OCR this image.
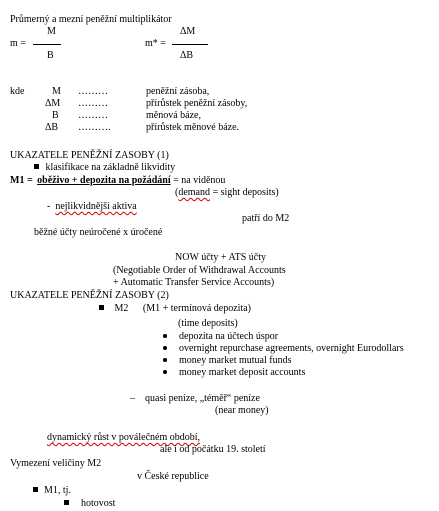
Průmerný a mezní peněžní multiplikátor
M
m =
B
ΔM
m* =
ΔB
kde	M ………	peněžní zásoba,
ΔM ………	přírůstek peněžní zásoby,
B ………	měnová báze,
ΔB ……….	přírůstek měnové báze.
UKAZATELE PENĚŽNÍ ZASOBY (1)
klasifikace na základně likvidity
M1 = oběživo + depozita na požádání = na viděnou
(demand = sight deposits)
-  nejlikvidnější aktiva
patří do M2
běžné účty neúročené x úročené
NOW účty + ATS účty
(Negotiable Order of Withdrawal Accounts
+ Automatic Transfer Service Accounts)
UKAZATELE PENĚŽNÍ ZASOBY (2)
M2 (M1 + termínová depozita)
(time deposits)
depozita na účtech úspor
overnight repurchase agreements, overnight Eurodollars
money market mutual funds
money market deposit accounts
–    quasi peníze, „téměř“ peníze
(near money)
dynamický růst v poválečném období,
ale i od počátku 19. století
Vymezení veličiny M2
v České republice
M1, tj.
hotovost
